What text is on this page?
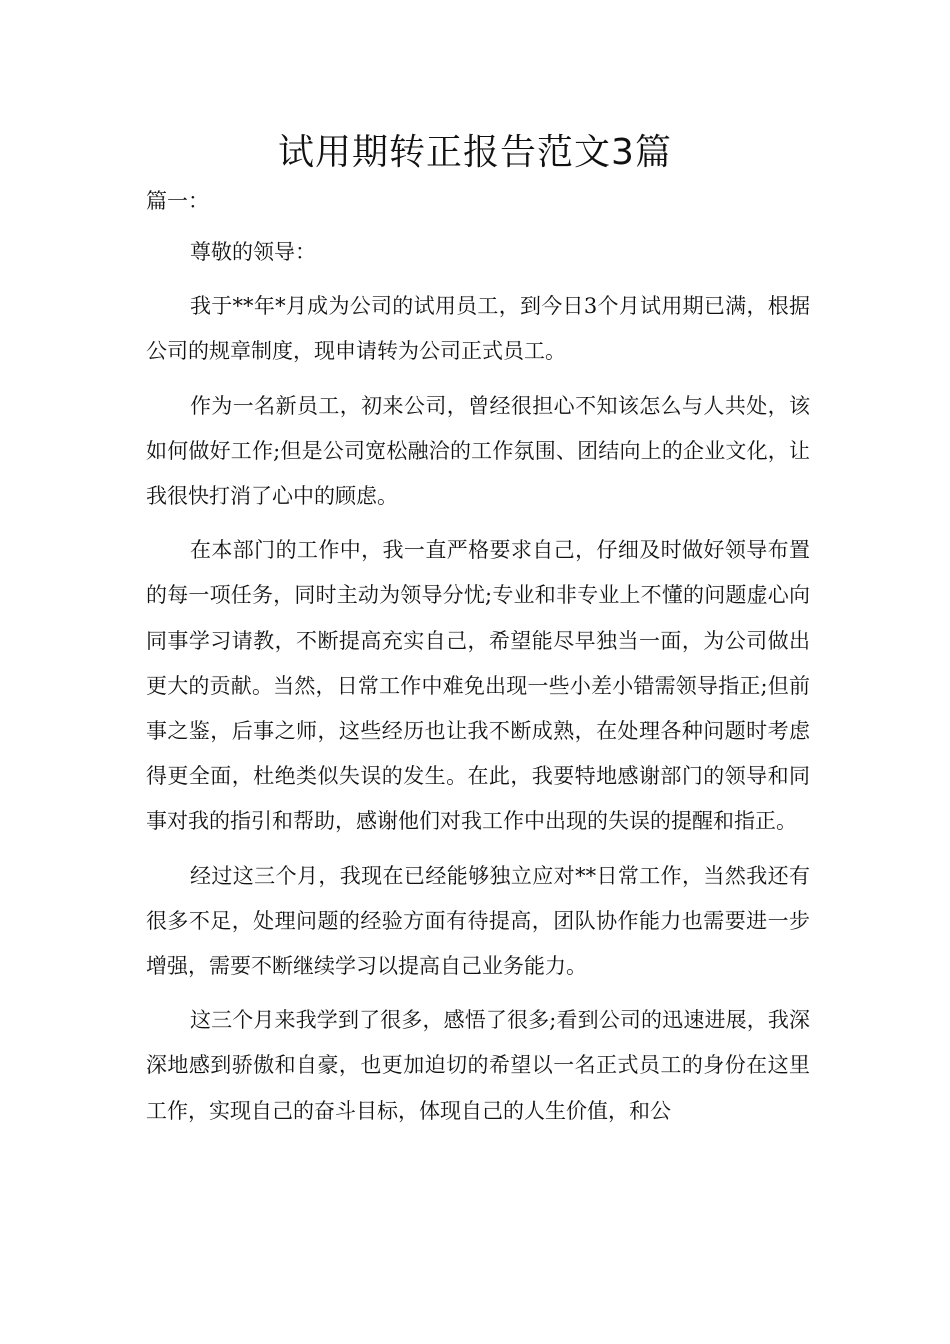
试用期转正报告范文3篇

篇一：

尊敬的领导：

我于**年*月成为公司的试用员工，到今日3个月试用期已满，根据公司的规章制度，现申请转为公司正式员工。

作为一名新员工，初来公司，曾经很担心不知该怎么与人共处，该如何做好工作;但是公司宽松融洽的工作氛围、团结向上的企业文化，让我很快打消了心中的顾虑。

在本部门的工作中，我一直严格要求自己，仔细及时做好领导布置的每一项任务，同时主动为领导分忧;专业和非专业上不懂的问题虚心向同事学习请教，不断提高充实自己，希望能尽早独当一面，为公司做出更大的贡献。当然，日常工作中难免出现一些小差小错需领导指正;但前事之鉴，后事之师，这些经历也让我不断成熟，在处理各种问题时考虑得更全面，杜绝类似失误的发生。在此，我要特地感谢部门的领导和同事对我的指引和帮助，感谢他们对我工作中出现的失误的提醒和指正。

经过这三个月，我现在已经能够独立应对**日常工作，当然我还有很多不足，处理问题的经验方面有待提高，团队协作能力也需要进一步增强，需要不断继续学习以提高自己业务能力。

这三个月来我学到了很多，感悟了很多;看到公司的迅速进展，我深深地感到骄傲和自豪，也更加迫切的希望以一名正式员工的身份在这里工作，实现自己的奋斗目标，体现自己的人生价值，和公
